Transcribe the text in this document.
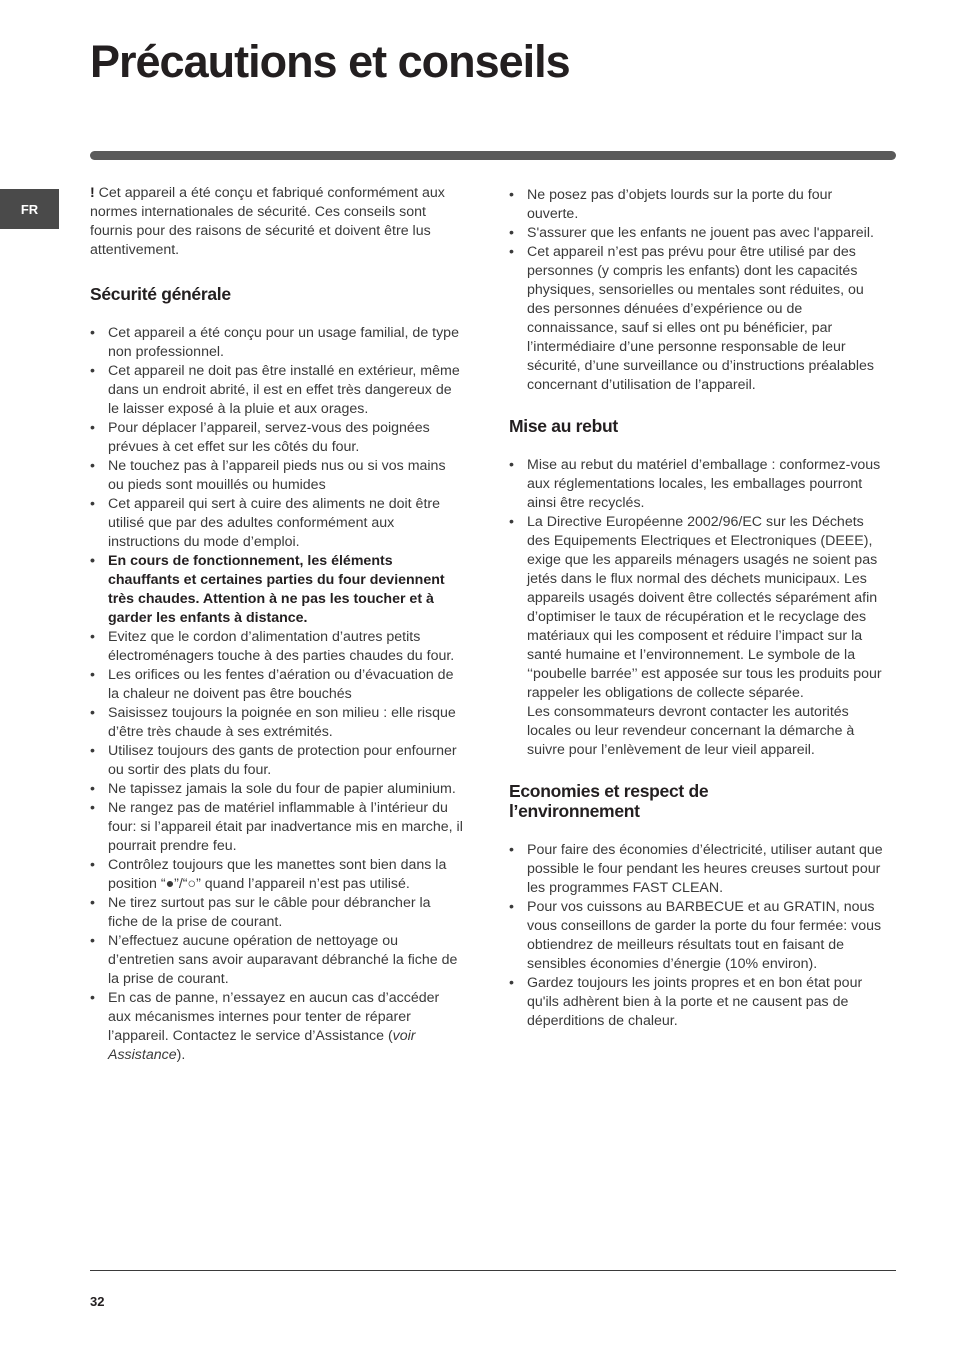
Précautions et conseils
FR

! Cet appareil a été conçu et fabriqué conformément aux normes internationales de sécurité. Ces conseils sont fournis pour des raisons de sécurité et doivent être lus attentivement.

Sécurité générale
• Cet appareil a été conçu pour un usage familial, de type non professionnel.
• Cet appareil ne doit pas être installé en extérieur, même dans un endroit abrité, il est en effet très dangereux de le laisser exposé à la pluie et aux orages.
• Pour déplacer l’appareil, servez-vous des poignées prévues à cet effet sur les côtés du four.
• Ne touchez pas à l’appareil pieds nus ou si vos mains ou pieds sont mouillés ou humides
• Cet appareil qui sert à cuire des aliments ne doit être utilisé que par des adultes conformément aux instructions du mode d’emploi.
• En cours de fonctionnement, les éléments chauffants et certaines parties du four deviennent très chaudes. Attention à ne pas les toucher et à garder les enfants à distance.
• Evitez que le cordon d’alimentation d’autres petits électroménagers touche à des parties chaudes du four.
• Les orifices ou les fentes d’aération ou d’évacuation de la chaleur ne doivent pas être bouchés
• Saisissez toujours la poignée en son milieu : elle risque d’être très chaude à ses extrémités.
• Utilisez toujours des gants de protection pour enfourner ou sortir des plats du four.
• Ne tapissez jamais la sole du four de papier aluminium.
• Ne rangez pas de matériel inflammable à l’intérieur du four: si l’appareil était par inadvertance mis en marche, il pourrait prendre feu.
• Contrôlez toujours que les manettes sont bien dans la position “●”/“○” quand l’appareil n’est pas utilisé.
• Ne tirez surtout pas sur le câble pour débrancher la fiche de la prise de courant.
• N’effectuez aucune opération de nettoyage ou d’entretien sans avoir auparavant débranché la fiche de la prise de courant.
• En cas de panne, n’essayez en aucun cas d’accéder aux mécanismes internes pour tenter de réparer l’appareil. Contactez le service d’Assistance (voir Assistance).
• Ne posez pas d’objets lourds sur la porte du four ouverte.
• S'assurer que les enfants ne jouent pas avec l'appareil.
• Cet appareil n’est pas prévu pour être utilisé par des personnes (y compris les enfants) dont les capacités physiques, sensorielles ou mentales sont réduites, ou des personnes dénuées d’expérience ou de connaissance, sauf si elles ont pu bénéficier, par l’intermédiaire d’une personne responsable de leur sécurité, d’une surveillance ou d’instructions préalables concernant d’utilisation de l’appareil.
Mise au rebut
• Mise au rebut du matériel d’emballage : conformez-vous aux réglementations locales, les emballages pourront ainsi être recyclés.
• La Directive Européenne 2002/96/EC sur les Déchets des Equipements Electriques et Electroniques (DEEE), exige que les appareils ménagers usagés ne soient pas jetés dans le flux normal des déchets municipaux. Les appareils usagés doivent être collectés séparément afin d’optimiser le taux de récupération et le recyclage des matériaux qui les composent et réduire l’impact sur la santé humaine et l’environnement. Le symbole de la ‘‘poubelle barrée’’ est apposée sur tous les produits pour rappeler les obligations de collecte séparée.
Les consommateurs devront contacter les autorités locales ou leur revendeur concernant la démarche à suivre pour l’enlèvement de leur vieil appareil.
Economies et respect de
l’environnement
• Pour faire des économies d’électricité, utiliser autant que possible le four pendant les heures creuses surtout pour les programmes FAST CLEAN.
• Pour vos cuissons au BARBECUE et au GRATIN, nous vous conseillons de garder la porte du four fermée: vous obtiendrez de meilleurs résultats tout en faisant de sensibles économies d’énergie (10% environ).
• Gardez toujours les joints propres et en bon état pour qu'ils adhèrent bien à la porte et ne causent pas de déperditions de chaleur.
32
